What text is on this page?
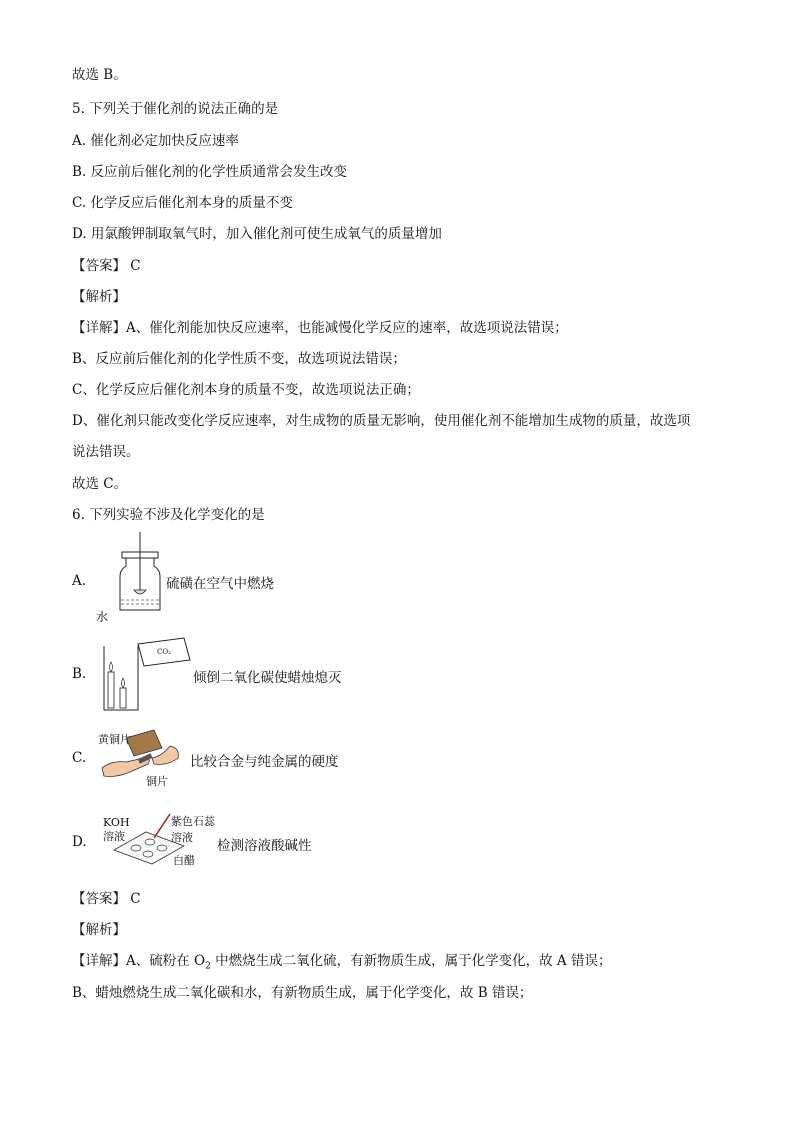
故选 B。
5. 下列关于催化剂的说法正确的是
A. 催化剂必定加快反应速率
B. 反应前后催化剂的化学性质通常会发生改变
C. 化学反应后催化剂本身的质量不变
D. 用氯酸钾制取氧气时，加入催化剂可使生成氧气的质量增加
【答案】 C
【解析】
【详解】A、催化剂能加快反应速率，也能减慢化学反应的速率，故选项说法错误；
B、反应前后催化剂的化学性质不变，故选项说法错误；
C、化学反应后催化剂本身的质量不变，故选项说法正确；
D、催化剂只能改变化学反应速率，对生成物的质量无影响，使用催化剂不能增加生成物的质量，故选项
说法错误。
故选 C。
6. 下列实验不涉及化学变化的是
A.
水
硫磺在空气中燃烧
B.
CO₂
倾倒二氧化碳使蜡烛熄灭
C.
黄铜片
铜片
比较合金与纯金属的硬度
D.
KOH
溶液
紫色石蕊
溶液
白醋
检测溶液酸碱性
【答案】 C
【解析】
【详解】A、硫粉在 $O_2$ 中燃烧生成二氧化硫，有新物质生成，属于化学变化，故 A 错误；
B、蜡烛燃烧生成二氧化碳和水，有新物质生成，属于化学变化，故 B 错误；
